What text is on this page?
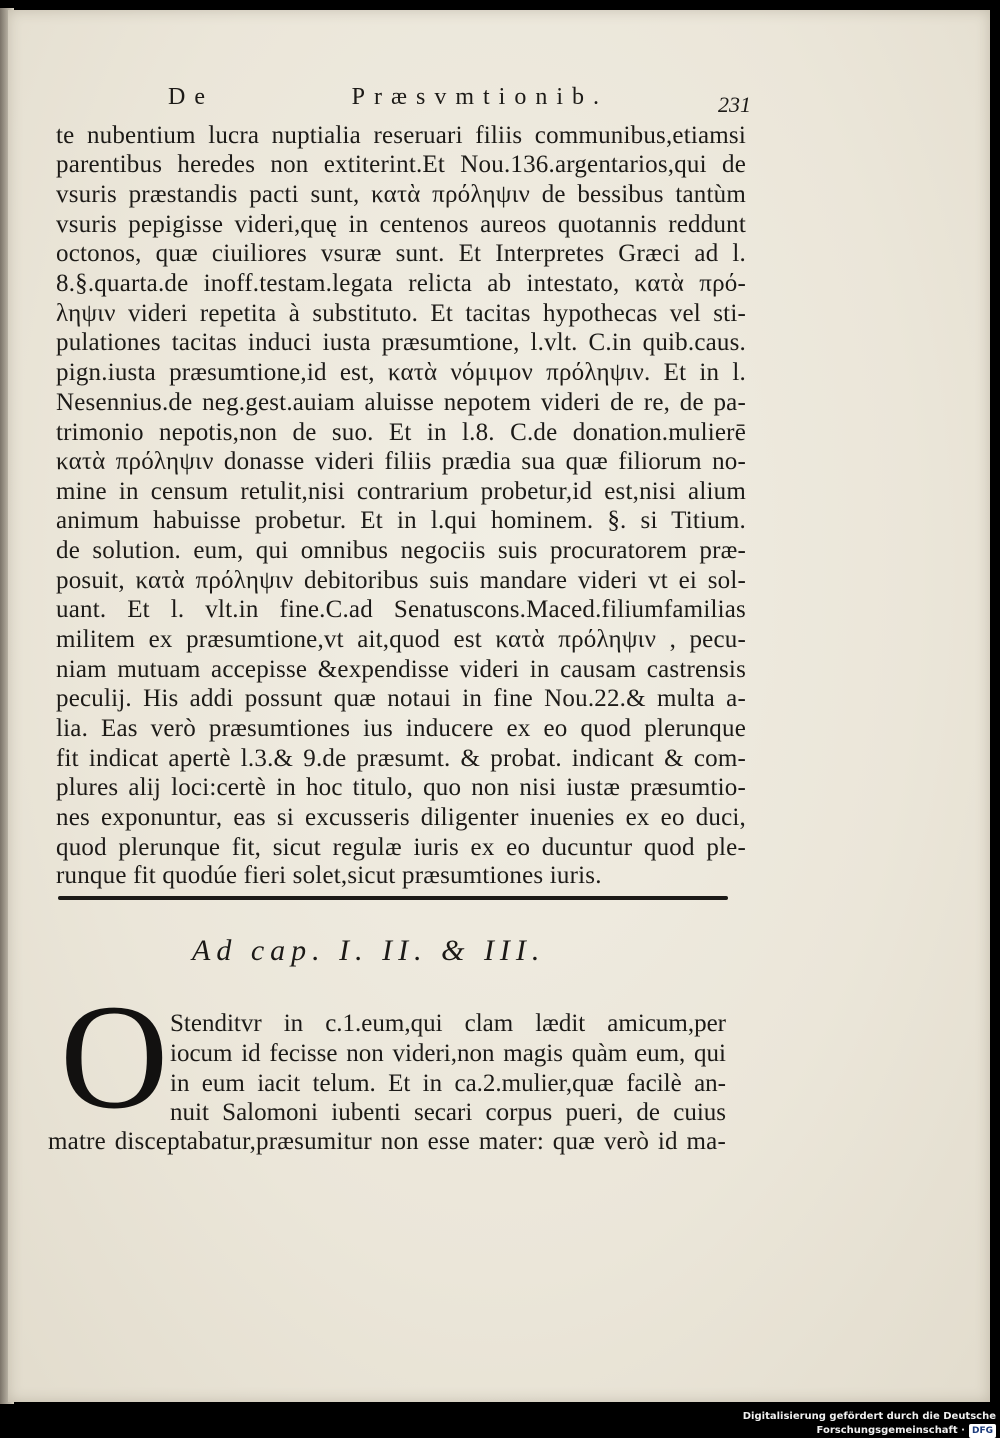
De Præsvmtionib.	231
te nubentium lucra nuptialia reseruari filiis communibus,etiamsi
parentibus heredes non extiterint.Et Nou.136.argentarios,qui de
vsuris præstandis pacti sunt, κατὰ πρόληψιν de bessibus tantùm
vsuris pepigisse videri,quę in centenos aureos quotannis reddunt
octonos, quæ ciuiliores vsuræ sunt. Et Interpretes Græci ad l.
8.§.quarta.de inoff.testam.legata relicta ab intestato, κατὰ πρό-
ληψιν videri repetita à substituto. Et tacitas hypothecas vel sti-
pulationes tacitas induci iusta præsumtione, l.vlt. C.in quib.caus.
pign.iusta præsumtione,id est, κατὰ νόμιμον πρόληψιν. Et in l.
Nesennius.de neg.gest.auiam aluisse nepotem videri de re, de pa-
trimonio nepotis,non de suo. Et in l.8. C.de donation.mulierē
κατὰ πρόληψιν donasse videri filiis prædia sua quæ filiorum no-
mine in censum retulit,nisi contrarium probetur,id est,nisi alium
animum habuisse probetur. Et in l.qui hominem. §. si Titium.
de solution. eum, qui omnibus negociis suis procuratorem præ-
posuit, κατὰ πρόληψιν debitoribus suis mandare videri vt ei sol-
uant. Et l. vlt.in fine.C.ad Senatuscons.Maced.filiumfamilias
militem ex præsumtione,vt ait,quod est κατὰ πρόληψιν , pecu-
niam mutuam accepisse &expendisse videri in causam castrensis
peculij. His addi possunt quæ notaui in fine Nou.22.& multa a-
lia. Eas verò præsumtiones ius inducere ex eo quod plerunque
fit indicat apertè l.3.& 9.de præsumt. & probat. indicant & com-
plures alij loci:certè in hoc titulo, quo non nisi iustæ præsumtio-
nes exponuntur, eas si excusseris diligenter inuenies ex eo duci,
quod plerunque fit, sicut regulæ iuris ex eo ducuntur quod ple-
runque fit quodúe fieri solet,sicut præsumtiones iuris.
Ad cap. I. II. & III.
O Stenditvr in c.1.eum,qui clam lædit amicum,per
iocum id fecisse non videri,non magis quàm eum, qui
in eum iacit telum. Et in ca.2.mulier,quæ facilè an-
nuit Salomoni iubenti secari corpus pueri, de cuius
matre disceptabatur,præsumitur non esse mater: quæ verò id ma-
Digitalisierung gefördert durch die Deutsche Forschungsgemeinschaft · DFG
